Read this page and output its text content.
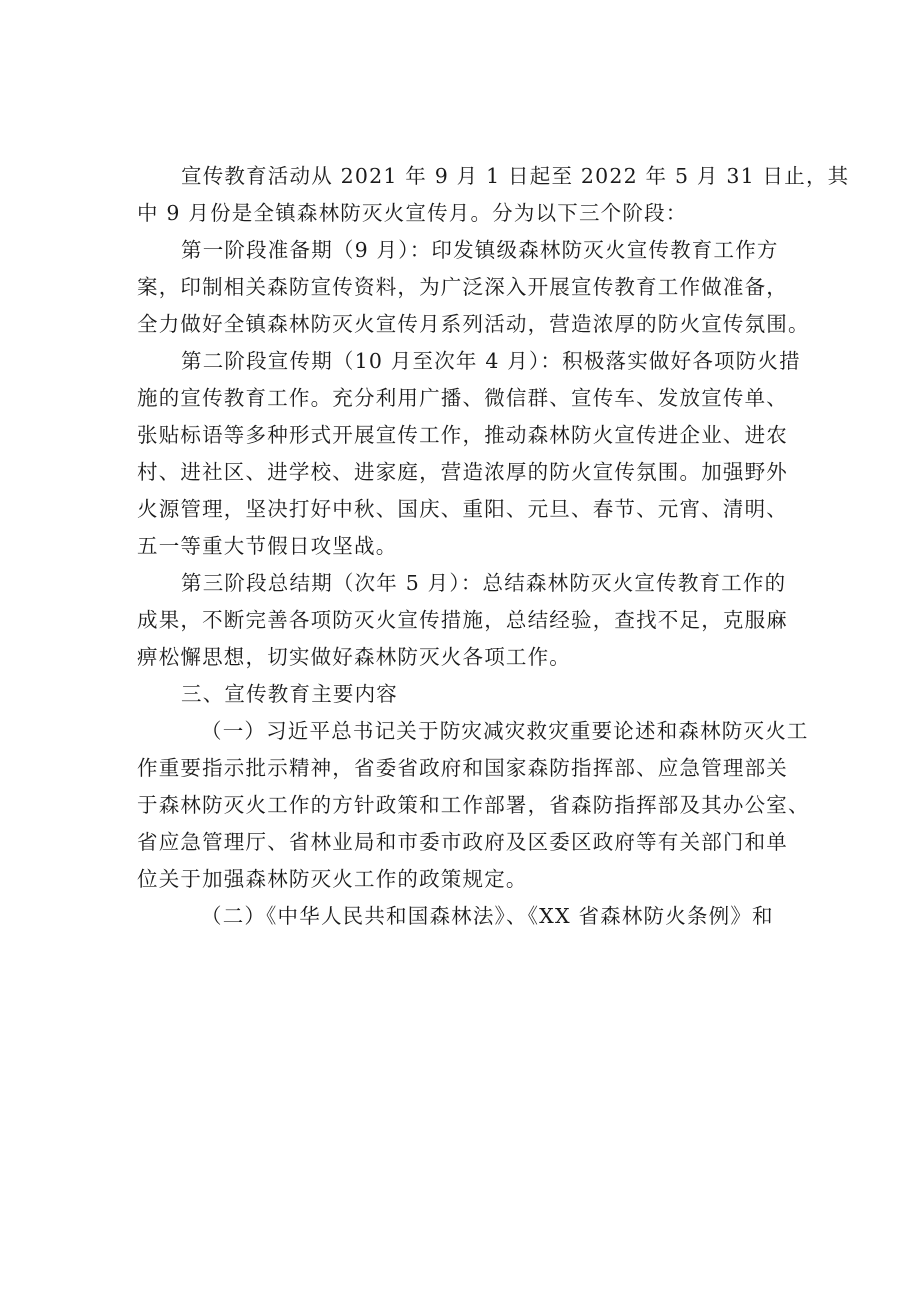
宣传教育活动从 2021 年 9 月 1 日起至 2022 年 5 月 31 日止，其
中 9 月份是全镇森林防灭火宣传月。分为以下三个阶段：

第一阶段准备期（9 月）：印发镇级森林防灭火宣传教育工作方
案，印制相关森防宣传资料，为广泛深入开展宣传教育工作做准备，
全力做好全镇森林防灭火宣传月系列活动，营造浓厚的防火宣传氛围。

第二阶段宣传期（10 月至次年 4 月）：积极落实做好各项防火措
施的宣传教育工作。充分利用广播、微信群、宣传车、发放宣传单、
张贴标语等多种形式开展宣传工作，推动森林防火宣传进企业、进农
村、进社区、进学校、进家庭，营造浓厚的防火宣传氛围。加强野外
火源管理，坚决打好中秋、国庆、重阳、元旦、春节、元宵、清明、
五一等重大节假日攻坚战。

第三阶段总结期（次年 5 月）：总结森林防灭火宣传教育工作的
成果，不断完善各项防灭火宣传措施，总结经验，查找不足，克服麻
痹松懈思想，切实做好森林防灭火各项工作。

三、宣传教育主要内容

（一）习近平总书记关于防灾减灾救灾重要论述和森林防灭火工
作重要指示批示精神，省委省政府和国家森防指挥部、应急管理部关
于森林防灭火工作的方针政策和工作部署，省森防指挥部及其办公室、
省应急管理厅、省林业局和市委市政府及区委区政府等有关部门和单
位关于加强森林防灭火工作的政策规定。

（二）《中华人民共和国森林法》、《XX 省森林防火条例》和
